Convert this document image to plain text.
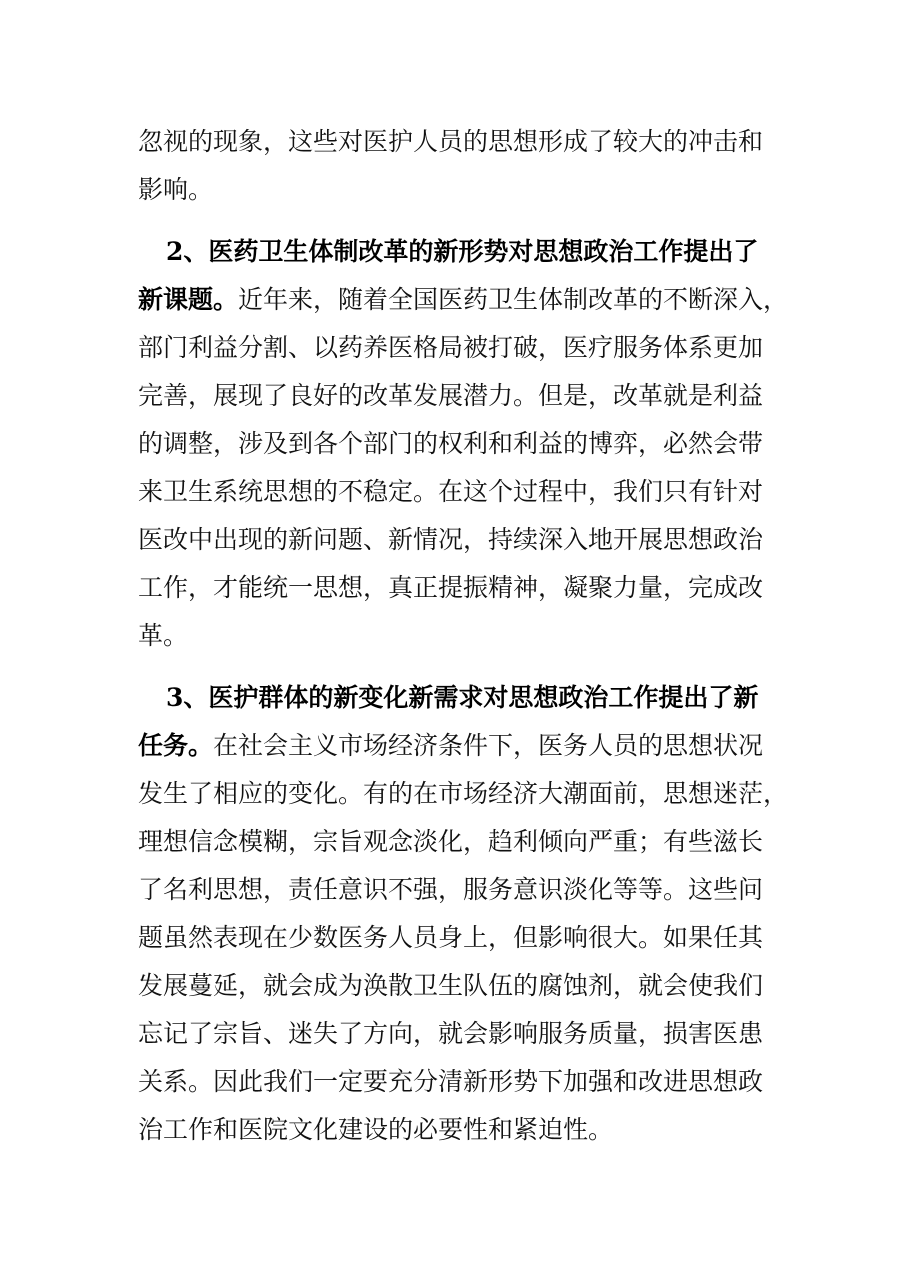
忽视的现象，这些对医护人员的思想形成了较大的冲击和
影响。
2、医药卫生体制改革的新形势对思想政治工作提出了
新课题。近年来，随着全国医药卫生体制改革的不断深入，
部门利益分割、以药养医格局被打破，医疗服务体系更加
完善，展现了良好的改革发展潜力。但是，改革就是利益
的调整，涉及到各个部门的权利和利益的博弈，必然会带
来卫生系统思想的不稳定。在这个过程中，我们只有针对
医改中出现的新问题、新情况，持续深入地开展思想政治
工作，才能统一思想，真正提振精神，凝聚力量，完成改
革。
3、医护群体的新变化新需求对思想政治工作提出了新
任务。在社会主义市场经济条件下，医务人员的思想状况
发生了相应的变化。有的在市场经济大潮面前，思想迷茫，
理想信念模糊，宗旨观念淡化，趋利倾向严重；有些滋长
了名利思想，责任意识不强，服务意识淡化等等。这些问
题虽然表现在少数医务人员身上，但影响很大。如果任其
发展蔓延，就会成为涣散卫生队伍的腐蚀剂，就会使我们
忘记了宗旨、迷失了方向，就会影响服务质量，损害医患
关系。因此我们一定要充分清新形势下加强和改进思想政
治工作和医院文化建设的必要性和紧迫性。
